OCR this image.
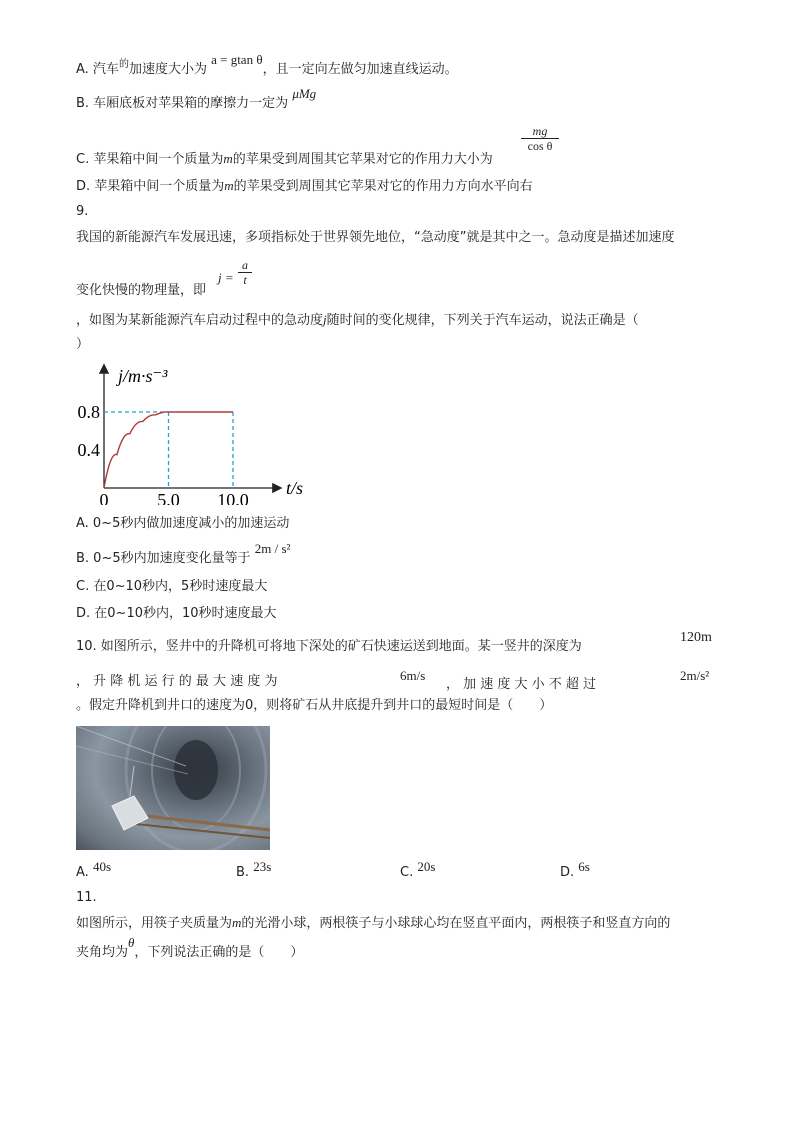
A. 汽车$^的$加速度大小为 a = gtan θ，且一定向左做匀加速直线运动。
B. 车厢底板对苹果箱的摩擦力一定为 μMg
C. 苹果箱中间一个质量为m的苹果受到周围其它苹果对它的作用力大小为
mg
cos θ
D. 苹果箱中间一个质量为m的苹果受到周围其它苹果对它的作用力方向水平向右
9.
我国的新能源汽车发展迅速，多项指标处于世界领先地位，“急动度”就是其中之一。急动度是描述加速度
变化快慢的物理量，即
j =
a
t
，如图为某新能源汽车启动过程中的急动度j随时间的变化规律，下列关于汽车运动，说法正确是（
）
0	5.0 10.0
0.4
0.8
j/m·s⁻³
t/s
A. 0~5秒内做加速度减小的加速运动
B. 0~5秒内加速度变化量等于 2m / s²
C. 在0~10秒内，5秒时速度最大
D. 在0~10秒内，10秒时速度最大
10. 如图所示，竖井中的升降机可将地下深处的矿石快速运送到地面。某一竖井的深度为
120m
， 升 降 机 运 行 的 最 大 速 度 为	6m/s
， 加 速 度 大 小 不 超 过
2m/s²
。假定升降机到井口的速度为0，则将矿石从井底提升到井口的最短时间是（　　）
A. 40s	B. 23s	C. 20s	D. 6s
11.
如图所示，用筷子夹质量为m的光滑小球，两根筷子与小球球心均在竖直平面内，两根筷子和竖直方向的
夹角均为θ，下列说法正确的是（　　）
